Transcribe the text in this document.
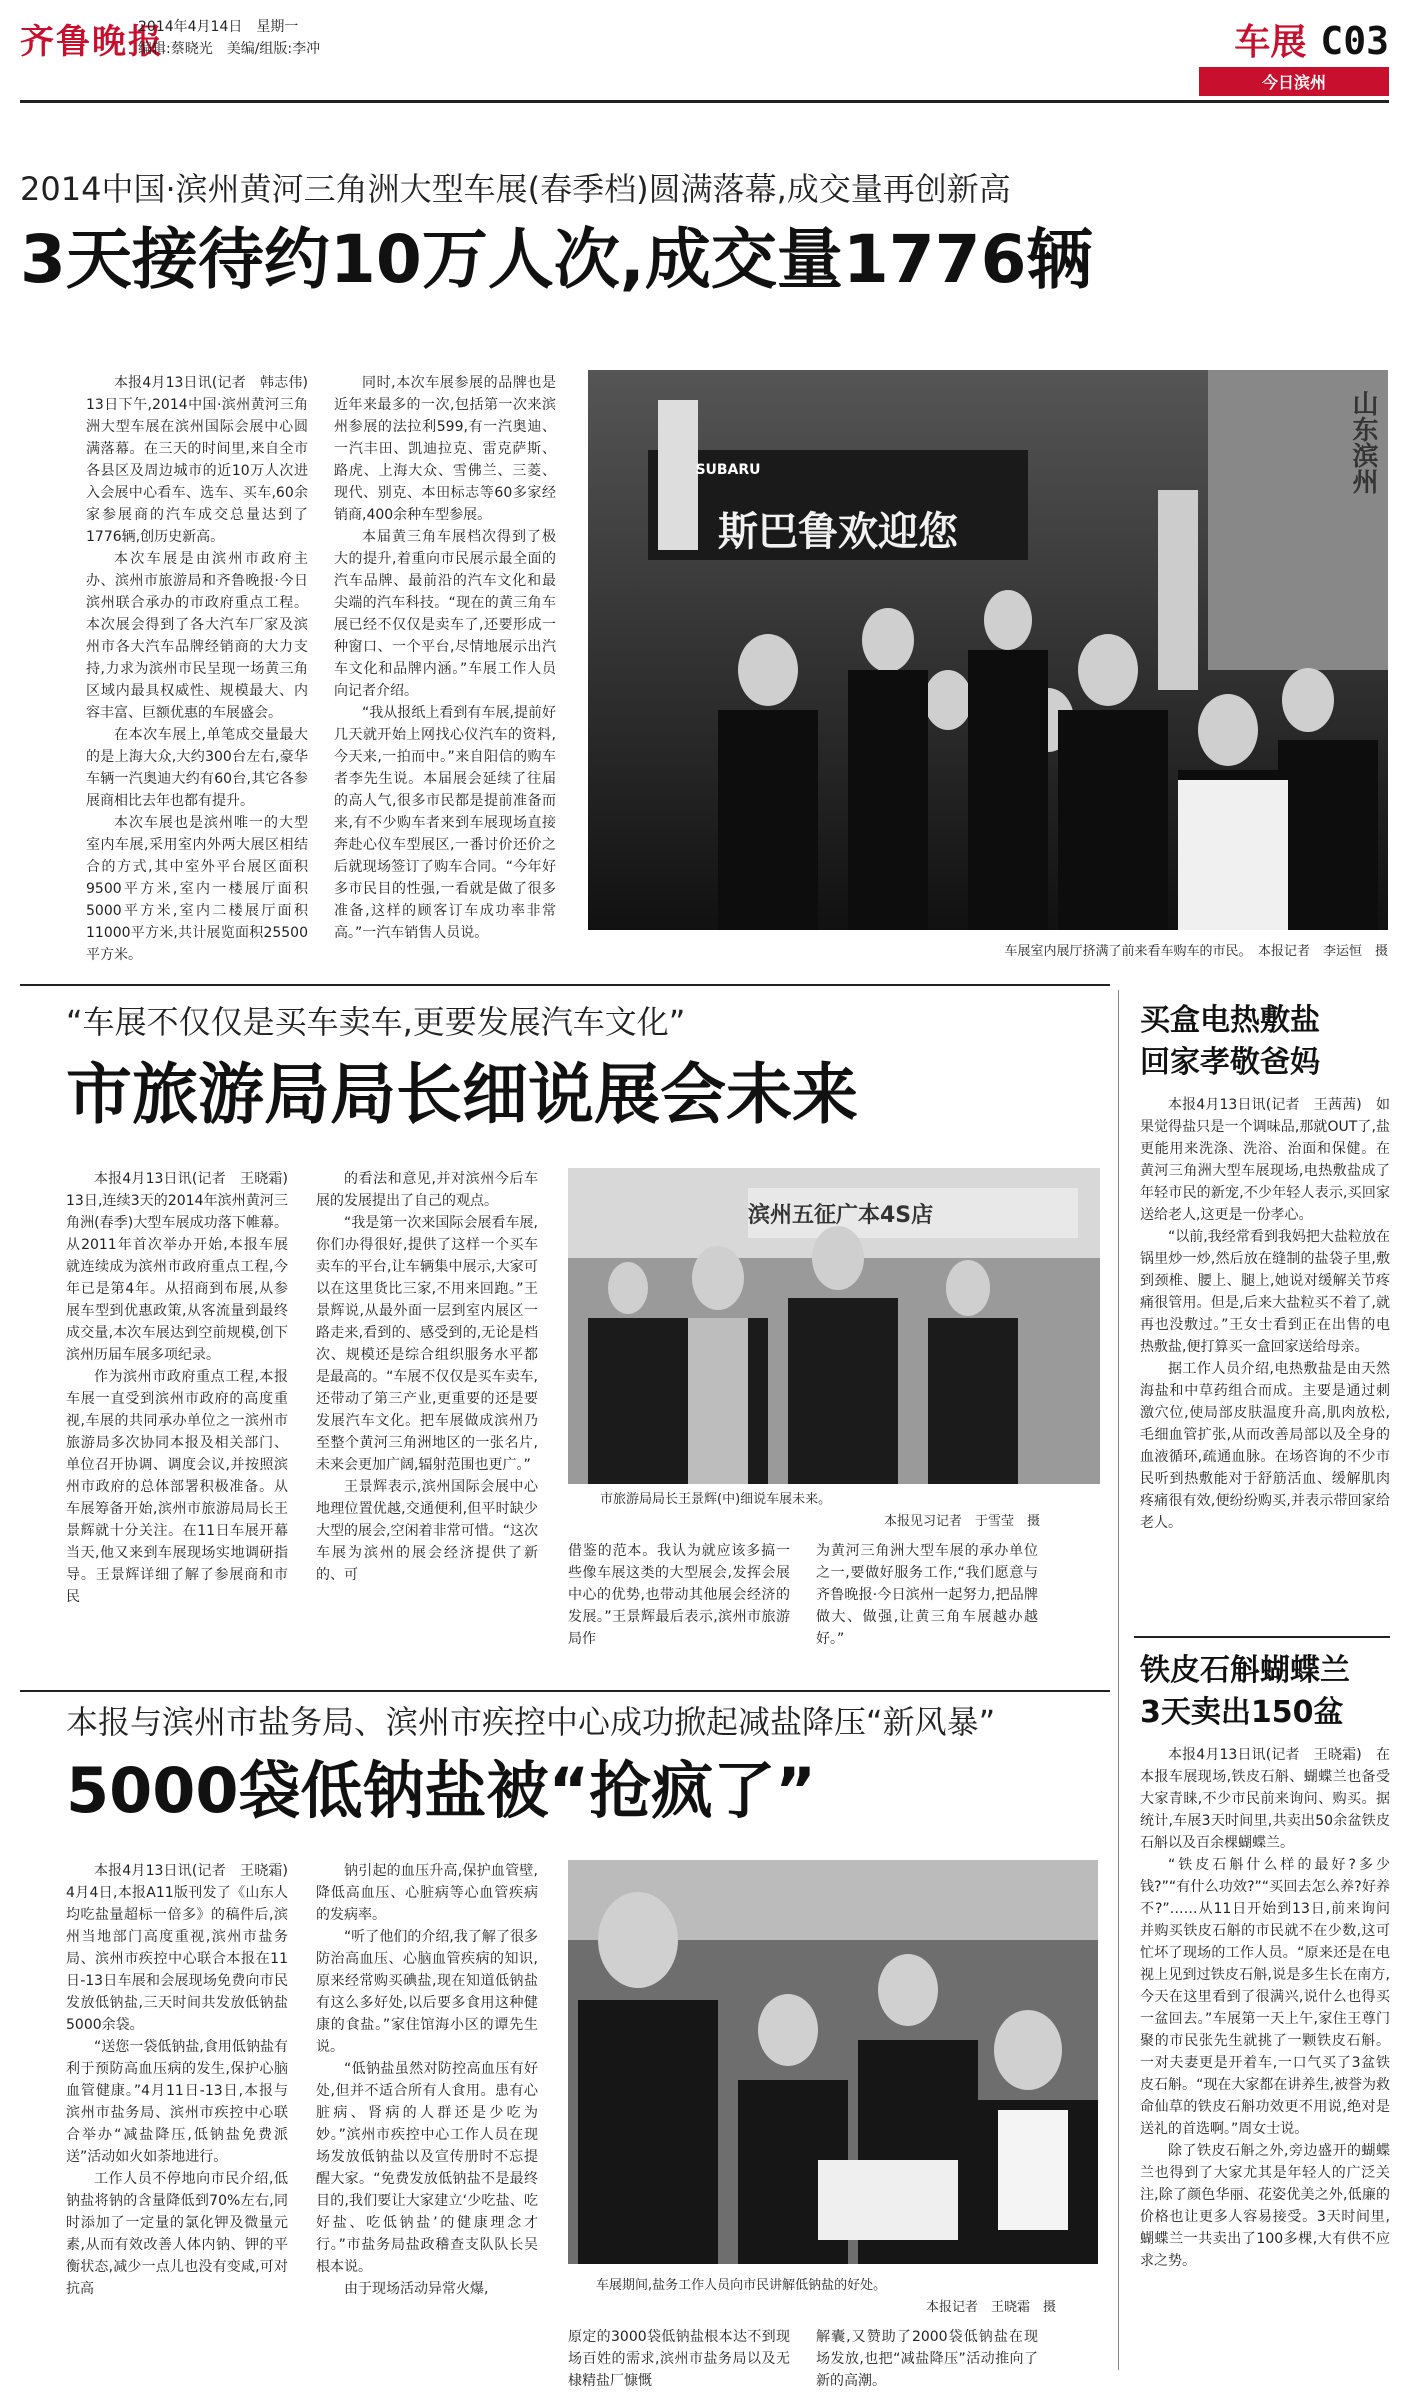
齐鲁晚报
2014年4月14日　星期一
编辑:蔡晓光　美编/组版:李冲	车展 C03
今日滨州
2014中国·滨州黄河三角洲大型车展(春季档)圆满落幕,成交量再创新高
3天接待约10万人次,成交量1776辆

本报4月13日讯(记者　韩志伟)　13日下午,2014中国·滨州黄河三角洲大型车展在滨州国际会展中心圆满落幕。在三天的时间里,来自全市各县区及周边城市的近10万人次进入会展中心看车、选车、买车,60余家参展商的汽车成交总量达到了1776辆,创历史新高。

本次车展是由滨州市政府主办、滨州市旅游局和齐鲁晚报·今日滨州联合承办的市政府重点工程。本次展会得到了各大汽车厂家及滨州市各大汽车品牌经销商的大力支持,力求为滨州市民呈现一场黄三角区域内最具权威性、规模最大、内容丰富、巨额优惠的车展盛会。

在本次车展上,单笔成交量最大的是上海大众,大约300台左右,豪华车辆一汽奥迪大约有60台,其它各参展商相比去年也都有提升。

本次车展也是滨州唯一的大型室内车展,采用室内外两大展区相结合的方式,其中室外平台展区面积9500平方米,室内一楼展厅面积5000平方米,室内二楼展厅面积11000平方米,共计展览面积25500平方米。

同时,本次车展参展的品牌也是近年来最多的一次,包括第一次来滨州参展的法拉利599,有一汽奥迪、一汽丰田、凯迪拉克、雷克萨斯、路虎、上海大众、雪佛兰、三菱、现代、别克、本田标志等60多家经销商,400余种车型参展。

本届黄三角车展档次得到了极大的提升,着重向市民展示最全面的汽车品牌、最前沿的汽车文化和最尖端的汽车科技。“现在的黄三角车展已经不仅仅是卖车了,还要形成一种窗口、一个平台,尽情地展示出汽车文化和品牌内涵。”车展工作人员向记者介绍。

“我从报纸上看到有车展,提前好几天就开始上网找心仪汽车的资料,今天来,一拍而中。”来自阳信的购车者李先生说。本届展会延续了往届的高人气,很多市民都是提前准备而来,有不少购车者来到车展现场直接奔赴心仪车型展区,一番讨价还价之后就现场签订了购车合同。“今年好多市民目的性强,一看就是做了很多准备,这样的顾客订车成功率非常高。”一汽车销售人员说。

山东滨州
SUBARU
斯巴鲁欢迎您
车展室内展厅挤满了前来看车购车的市民。　本报记者　李运恒　摄
“车展不仅仅是买车卖车,更要发展汽车文化”
市旅游局局长细说展会未来

本报4月13日讯(记者　王晓霜)　13日,连续3天的2014年滨州黄河三角洲(春季)大型车展成功落下帷幕。从2011年首次举办开始,本报车展就连续成为滨州市政府重点工程,今年已是第4年。从招商到布展,从参展车型到优惠政策,从客流量到最终成交量,本次车展达到空前规模,创下滨州历届车展多项纪录。

作为滨州市政府重点工程,本报车展一直受到滨州市政府的高度重视,车展的共同承办单位之一滨州市旅游局多次协同本报及相关部门、单位召开协调、调度会议,并按照滨州市政府的总体部署积极准备。从车展筹备开始,滨州市旅游局局长王景辉就十分关注。在11日车展开幕当天,他又来到车展现场实地调研指导。王景辉详细了解了参展商和市民

的看法和意见,并对滨州今后车展的发展提出了自己的观点。

“我是第一次来国际会展看车展,你们办得很好,提供了这样一个买车卖车的平台,让车辆集中展示,大家可以在这里货比三家,不用来回跑。”王景辉说,从最外面一层到室内展区一路走来,看到的、感受到的,无论是档次、规模还是综合组织服务水平都是最高的。“车展不仅仅是买车卖车,还带动了第三产业,更重要的还是要发展汽车文化。把车展做成滨州乃至整个黄河三角洲地区的一张名片,未来会更加广阔,辐射范围也更广。”

王景辉表示,滨州国际会展中心地理位置优越,交通便利,但平时缺少大型的展会,空闲着非常可惜。“这次车展为滨州的展会经济提供了新的、可

滨州五征广本4S店
市旅游局局长王景辉(中)细说车展未来。
本报见习记者　于雪莹　摄

借鉴的范本。我认为就应该多搞一些像车展这类的大型展会,发挥会展中心的优势,也带动其他展会经济的发展。”王景辉最后表示,滨州市旅游局作

为黄河三角洲大型车展的承办单位之一,要做好服务工作,“我们愿意与齐鲁晚报·今日滨州一起努力,把品牌做大、做强,让黄三角车展越办越好。”

本报与滨州市盐务局、滨州市疾控中心成功掀起减盐降压“新风暴”
5000袋低钠盐被“抢疯了”

本报4月13日讯(记者　王晓霜)　4月4日,本报A11版刊发了《山东人均吃盐量超标一倍多》的稿件后,滨州当地部门高度重视,滨州市盐务局、滨州市疾控中心联合本报在11日-13日车展和会展现场免费向市民发放低钠盐,三天时间共发放低钠盐5000余袋。

“送您一袋低钠盐,食用低钠盐有利于预防高血压病的发生,保护心脑血管健康。”4月11日-13日,本报与滨州市盐务局、滨州市疾控中心联合举办“减盐降压,低钠盐免费派送”活动如火如荼地进行。

工作人员不停地向市民介绍,低钠盐将钠的含量降低到70%左右,同时添加了一定量的氯化钾及微量元素,从而有效改善人体内钠、钾的平衡状态,减少一点儿也没有变咸,可对抗高

钠引起的血压升高,保护血管壁,降低高血压、心脏病等心血管疾病的发病率。

“听了他们的介绍,我了解了很多防治高血压、心脑血管疾病的知识,原来经常购买碘盐,现在知道低钠盐有这么多好处,以后要多食用这种健康的食盐。”家住馆海小区的谭先生说。

“低钠盐虽然对防控高血压有好处,但并不适合所有人食用。患有心脏病、肾病的人群还是少吃为妙。”滨州市疾控中心工作人员在现场发放低钠盐以及宣传册时不忘提醒大家。“免费发放低钠盐不是最终目的,我们要让大家建立‘少吃盐、吃好盐、吃低钠盐’的健康理念才行。”市盐务局盐政稽查支队队长吴根本说。

由于现场活动异常火爆,	车展期间,盐务工作人员向市民讲解低钠盐的好处。
本报记者　王晓霜　摄

原定的3000袋低钠盐根本达不到现场百姓的需求,滨州市盐务局以及无棣精盐厂慷慨

解囊,又赞助了2000袋低钠盐在现场发放,也把“减盐降压”活动推向了新的高潮。

买盒电热敷盐
回家孝敬爸妈

本报4月13日讯(记者　王茜茜)　如果觉得盐只是一个调味品,那就OUT了,盐更能用来洗涤、洗浴、治面和保健。在黄河三角洲大型车展现场,电热敷盐成了年轻市民的新宠,不少年轻人表示,买回家送给老人,这更是一份孝心。

“以前,我经常看到我妈把大盐粒放在锅里炒一炒,然后放在缝制的盐袋子里,敷到颈椎、腰上、腿上,她说对缓解关节疼痛很管用。但是,后来大盐粒买不着了,就再也没敷过。”王女士看到正在出售的电热敷盐,便打算买一盒回家送给母亲。

据工作人员介绍,电热敷盐是由天然海盐和中草药组合而成。主要是通过刺激穴位,使局部皮肤温度升高,肌肉放松,毛细血管扩张,从而改善局部以及全身的血液循环,疏通血脉。在场咨询的不少市民听到热敷能对于舒筋活血、缓解肌肉疼痛很有效,便纷纷购买,并表示带回家给老人。

铁皮石斛蝴蝶兰
3天卖出150盆

本报4月13日讯(记者　王晓霜)　在本报车展现场,铁皮石斛、蝴蝶兰也备受大家青睐,不少市民前来询问、购买。据统计,车展3天时间里,共卖出50余盆铁皮石斛以及百余棵蝴蝶兰。

“铁皮石斛什么样的最好?多少钱?”“有什么功效?”“买回去怎么养?好养不?”……从11日开始到13日,前来询问并购买铁皮石斛的市民就不在少数,这可忙坏了现场的工作人员。“原来还是在电视上见到过铁皮石斛,说是多生长在南方,今天在这里看到了很满兴,说什么也得买一盆回去。”车展第一天上午,家住王尊门聚的市民张先生就挑了一颗铁皮石斛。一对夫妻更是开着车,一口气买了3盆铁皮石斛。“现在大家都在讲养生,被誉为救命仙草的铁皮石斛功效更不用说,绝对是送礼的首选啊。”周女士说。

除了铁皮石斛之外,旁边盛开的蝴蝶兰也得到了大家尤其是年轻人的广泛关注,除了颜色华丽、花姿优美之外,低廉的价格也让更多人容易接受。3天时间里,蝴蝶兰一共卖出了100多棵,大有供不应求之势。
